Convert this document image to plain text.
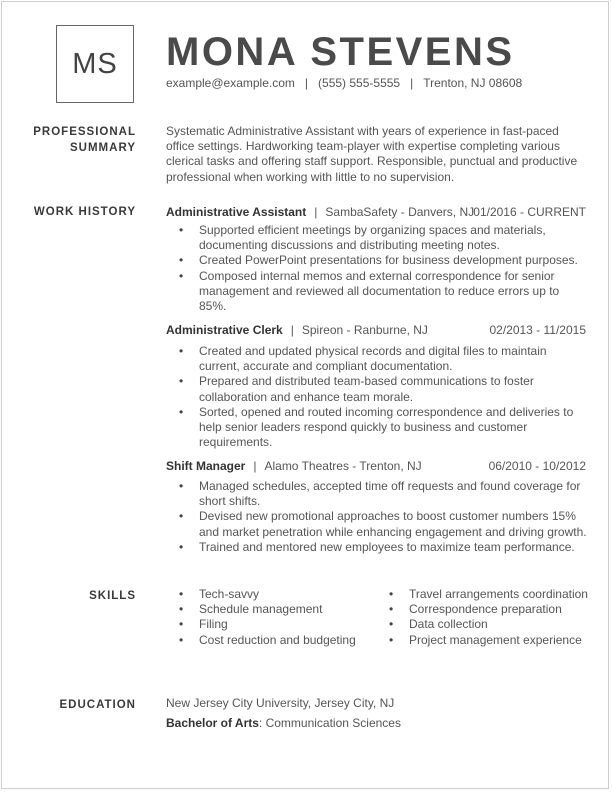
MS	MONA STEVENS
example@example.com | (555) 555-5555 | Trenton, NJ 08608
PROFESSIONAL
SUMMARY
Systematic Administrative Assistant with years of experience in fast-paced office settings. Hardworking team-player with expertise completing various clerical tasks and offering staff support. Responsible, punctual and productive professional when working with little to no supervision.
WORK HISTORY	Administrative Assistant | SambaSafety - Danvers, NJ 01/2016 - CURRENT
• Supported efficient meetings by organizing spaces and materials, documenting discussions and distributing meeting notes.
• Created PowerPoint presentations for business development purposes.
• Composed internal memos and external correspondence for senior management and reviewed all documentation to reduce errors up to 85%.
Administrative Clerk | Spireon - Ranburne, NJ	02/2013 - 11/2015
• Created and updated physical records and digital files to maintain current, accurate and compliant documentation.
• Prepared and distributed team-based communications to foster collaboration and enhance team morale.
• Sorted, opened and routed incoming correspondence and deliveries to help senior leaders respond quickly to business and customer requirements.
Shift Manager | Alamo Theatres - Trenton, NJ	06/2010 - 10/2012
• Managed schedules, accepted time off requests and found coverage for short shifts.
• Devised new promotional approaches to boost customer numbers 15% and market penetration while enhancing engagement and driving growth.
• Trained and mentored new employees to maximize team performance.
SKILLS
•	Tech-savvy
• Schedule management
• Filing
• Cost reduction and budgeting
• Travel arrangements coordination
• Correspondence preparation
• Data collection
• Project management experience
EDUCATION	New Jersey City University, Jersey City, NJ
Bachelor of Arts: Communication Sciences
